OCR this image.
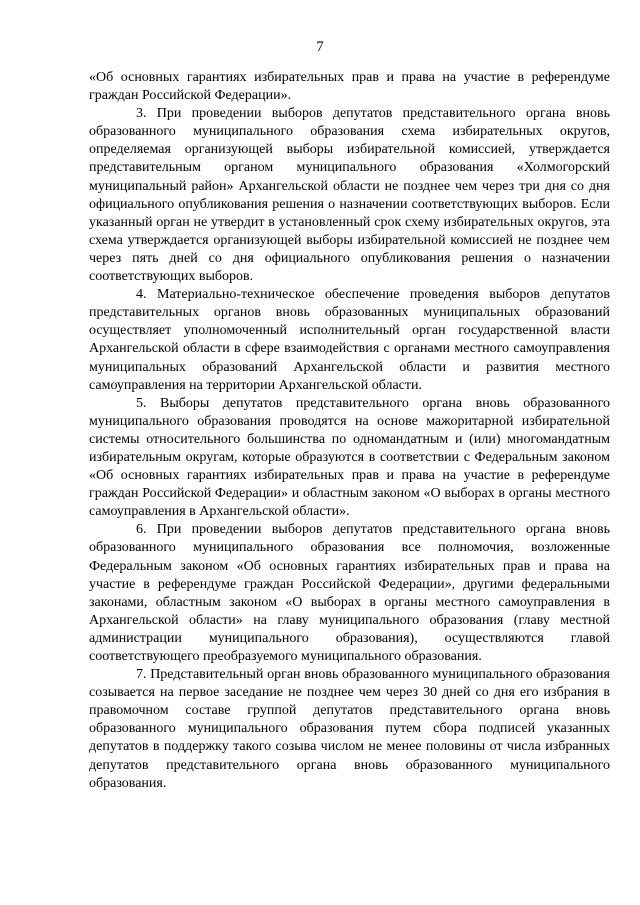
7

«Об основных гарантиях избирательных прав и права на участие в референдуме граждан Российской Федерации».

3. При проведении выборов депутатов представительного органа вновь образованного муниципального образования схема избирательных округов, определяемая организующей выборы избирательной комиссией, утверждается представительным органом муниципального образования «Холмогорский муниципальный район» Архангельской области не позднее чем через три дня со дня официального опубликования решения о назначении соответствующих выборов. Если указанный орган не утвердит в установленный срок схему избирательных округов, эта схема утверждается организующей выборы избирательной комиссией не позднее чем через пять дней со дня официального опубликования решения о назначении соответствующих выборов.

4. Материально-техническое обеспечение проведения выборов депутатов представительных органов вновь образованных муниципальных образований осуществляет уполномоченный исполнительный орган государственной власти Архангельской области в сфере взаимодействия с органами местного самоуправления муниципальных образований Архангельской области и развития местного самоуправления на территории Архангельской области.

5. Выборы депутатов представительного органа вновь образованного муниципального образования проводятся на основе мажоритарной избирательной системы относительного большинства по одномандатным и (или) многомандатным избирательным округам, которые образуются в соответствии с Федеральным законом «Об основных гарантиях избирательных прав и права на участие в референдуме граждан Российской Федерации» и областным законом «О выборах в органы местного самоуправления в Архангельской области».

6. При проведении выборов депутатов представительного органа вновь образованного муниципального образования все полномочия, возложенные Федеральным законом «Об основных гарантиях избирательных прав и права на участие в референдуме граждан Российской Федерации», другими федеральными законами, областным законом «О выборах в органы местного самоуправления в Архангельской области» на главу муниципального образования (главу местной администрации муниципального образования), осуществляются главой соответствующего преобразуемого муниципального образования.

7. Представительный орган вновь образованного муниципального образования созывается на первое заседание не позднее чем через 30 дней со дня его избрания в правомочном составе группой депутатов представительного органа вновь образованного муниципального образования путем сбора подписей указанных депутатов в поддержку такого созыва числом не менее половины от числа избранных депутатов представительного органа вновь образованного муниципального образования.
